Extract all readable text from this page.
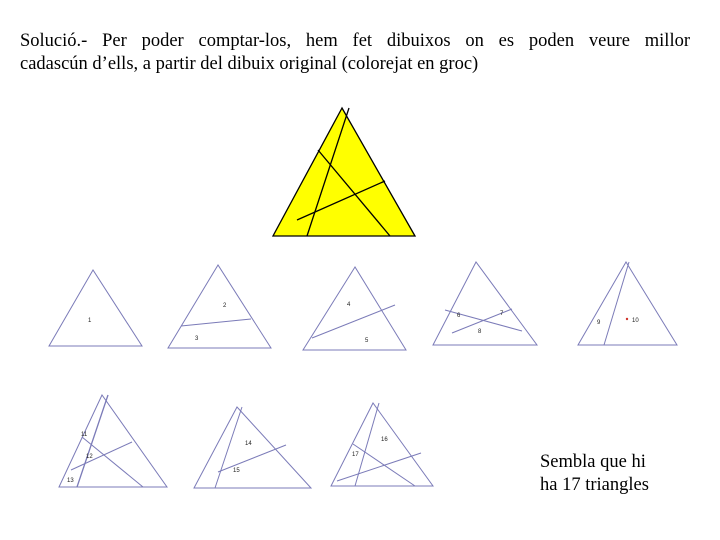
Solució.- Per poder comptar-los, hem fet dibuixos on es poden veure millor
cadascún d’ells, a partir del dibuix original (colorejat en groc)
1
2
3
4
5
6	7
8
9	10
11
12
13
14
15
16
17	Sembla que hi
ha 17 triangles
